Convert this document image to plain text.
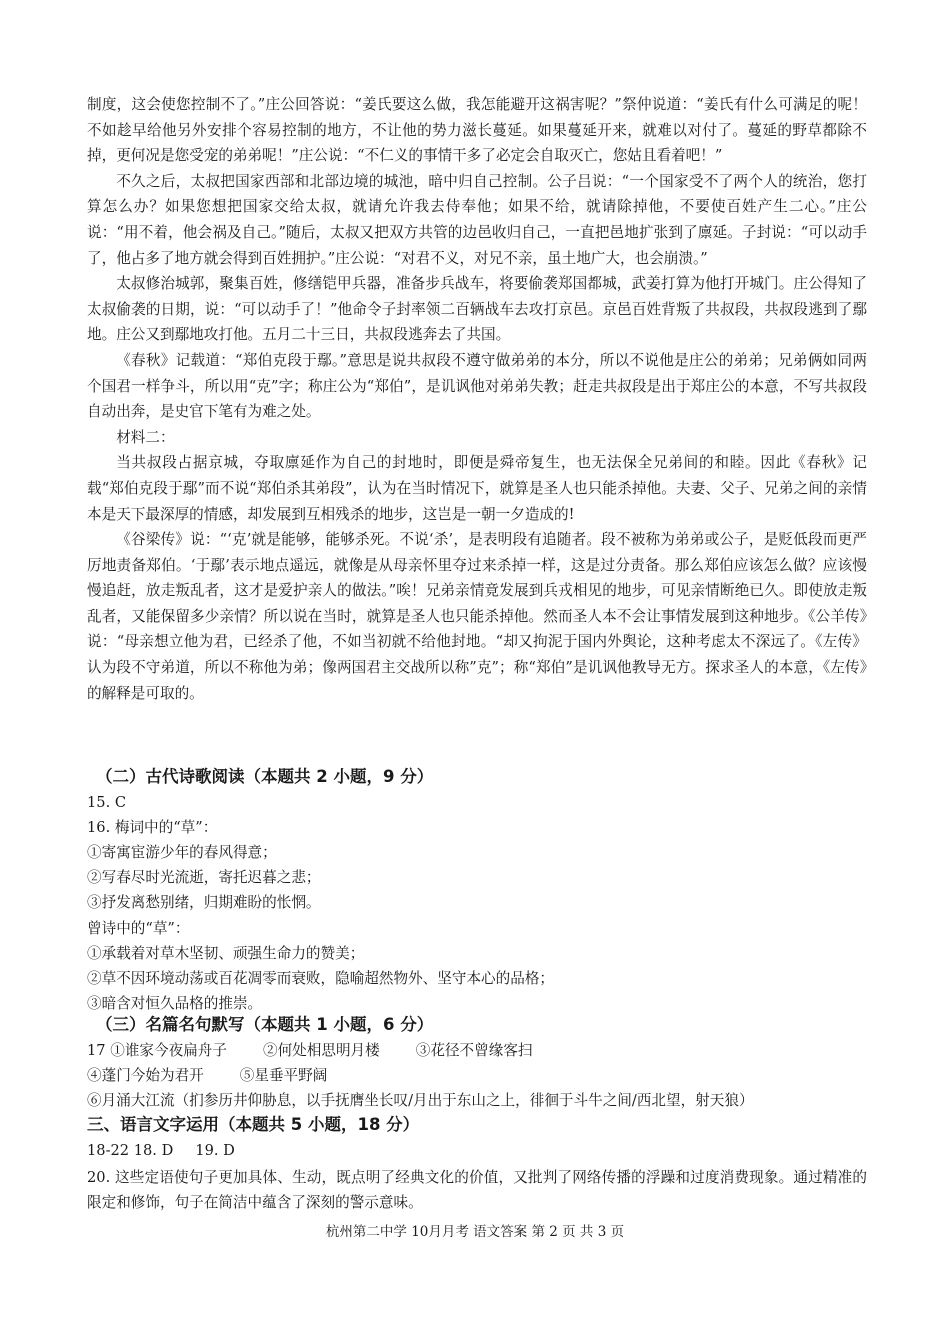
制度，这会使您控制不了。”庄公回答说：“姜氏要这么做，我怎能避开这祸害呢？”祭仲说道：“姜氏有什么可满足的呢！不如趁早给他另外安排个容易控制的地方，不让他的势力滋长蔓延。如果蔓延开来，就难以对付了。蔓延的野草都除不掉，更何况是您受宠的弟弟呢！”庄公说：“不仁义的事情干多了必定会自取灭亡，您姑且看着吧！”

不久之后，太叔把国家西部和北部边境的城池，暗中归自己控制。公子吕说：“一个国家受不了两个人的统治，您打算怎么办？如果您想把国家交给太叔，就请允许我去侍奉他；如果不给，就请除掉他，不要使百姓产生二心。”庄公说：“用不着，他会祸及自己。”随后，太叔又把双方共管的边邑收归自己，一直把邑地扩张到了廪延。子封说：“可以动手了，他占多了地方就会得到百姓拥护。”庄公说：“对君不义，对兄不亲，虽土地广大，也会崩溃。”

太叔修治城郭，聚集百姓，修缮铠甲兵器，准备步兵战车，将要偷袭郑国都城，武姜打算为他打开城门。庄公得知了太叔偷袭的日期，说：“可以动手了！”他命令子封率领二百辆战车去攻打京邑。京邑百姓背叛了共叔段，共叔段逃到了鄢地。庄公又到鄢地攻打他。五月二十三日，共叔段逃奔去了共国。

《春秋》记载道：“郑伯克段于鄢。”意思是说共叔段不遵守做弟弟的本分，所以不说他是庄公的弟弟；兄弟俩如同两个国君一样争斗，所以用“克”字；称庄公为“郑伯”，是讥讽他对弟弟失教；赶走共叔段是出于郑庄公的本意，不写共叔段自动出奔，是史官下笔有为难之处。

材料二：

当共叔段占据京城，夺取廪延作为自己的封地时，即便是舜帝复生，也无法保全兄弟间的和睦。因此《春秋》记载“郑伯克段于鄢”而不说“郑伯杀其弟段”，认为在当时情况下，就算是圣人也只能杀掉他。夫妻、父子、兄弟之间的亲情本是天下最深厚的情感，却发展到互相残杀的地步，这岂是一朝一夕造成的!

《谷梁传》说：“‘克’就是能够，能够杀死。不说‘杀’，是表明段有追随者。段不被称为弟弟或公子，是贬低段而更严厉地责备郑伯。‘于鄢’表示地点遥远，就像是从母亲怀里夺过来杀掉一样，这是过分责备。那么郑伯应该怎么做？应该慢慢追赶，放走叛乱者，这才是爱护亲人的做法。”唉！兄弟亲情竟发展到兵戎相见的地步，可见亲情断绝已久。即使放走叛乱者，又能保留多少亲情？所以说在当时，就算是圣人也只能杀掉他。然而圣人本不会让事情发展到这种地步。《公羊传》说：“母亲想立他为君，已经杀了他，不如当初就不给他封地。“却又拘泥于国内外舆论，这种考虑太不深远了。《左传》认为段不守弟道，所以不称他为弟；像两国君主交战所以称”克”；称“郑伯”是讥讽他教导无方。探求圣人的本意，《左传》的解释是可取的。

（二）古代诗歌阅读（本题共 2 小题，9 分）

15. C

16. 梅词中的“草”：

①寄寓宦游少年的春风得意；

②写春尽时光流逝，寄托迟暮之悲；

③抒发离愁别绪，归期难盼的怅惘。

曾诗中的“草”：

①承载着对草木坚韧、顽强生命力的赞美；

②草不因环境动荡或百花凋零而衰败，隐喻超然物外、坚守本心的品格；

③暗含对恒久品格的推崇。

（三）名篇名句默写（本题共 1 小题，6 分）

17 ①谁家今夜扁舟子 ②何处相思明月楼 ③花径不曾缘客扫

④蓬门今始为君开 ⑤星垂平野阔

⑥月涌大江流（扪参历井仰胁息，以手抚膺坐长叹/月出于东山之上，徘徊于斗牛之间/西北望，射天狼）

三、语言文字运用（本题共 5 小题，18 分）

18-22 18. D 19. D

20. 这些定语使句子更加具体、生动，既点明了经典文化的价值，又批判了网络传播的浮躁和过度消费现象。通过精准的限定和修饰，句子在简洁中蕴含了深刻的警示意味。

杭州第二中学 10月月考 语文答案 第 2 页 共 3 页
